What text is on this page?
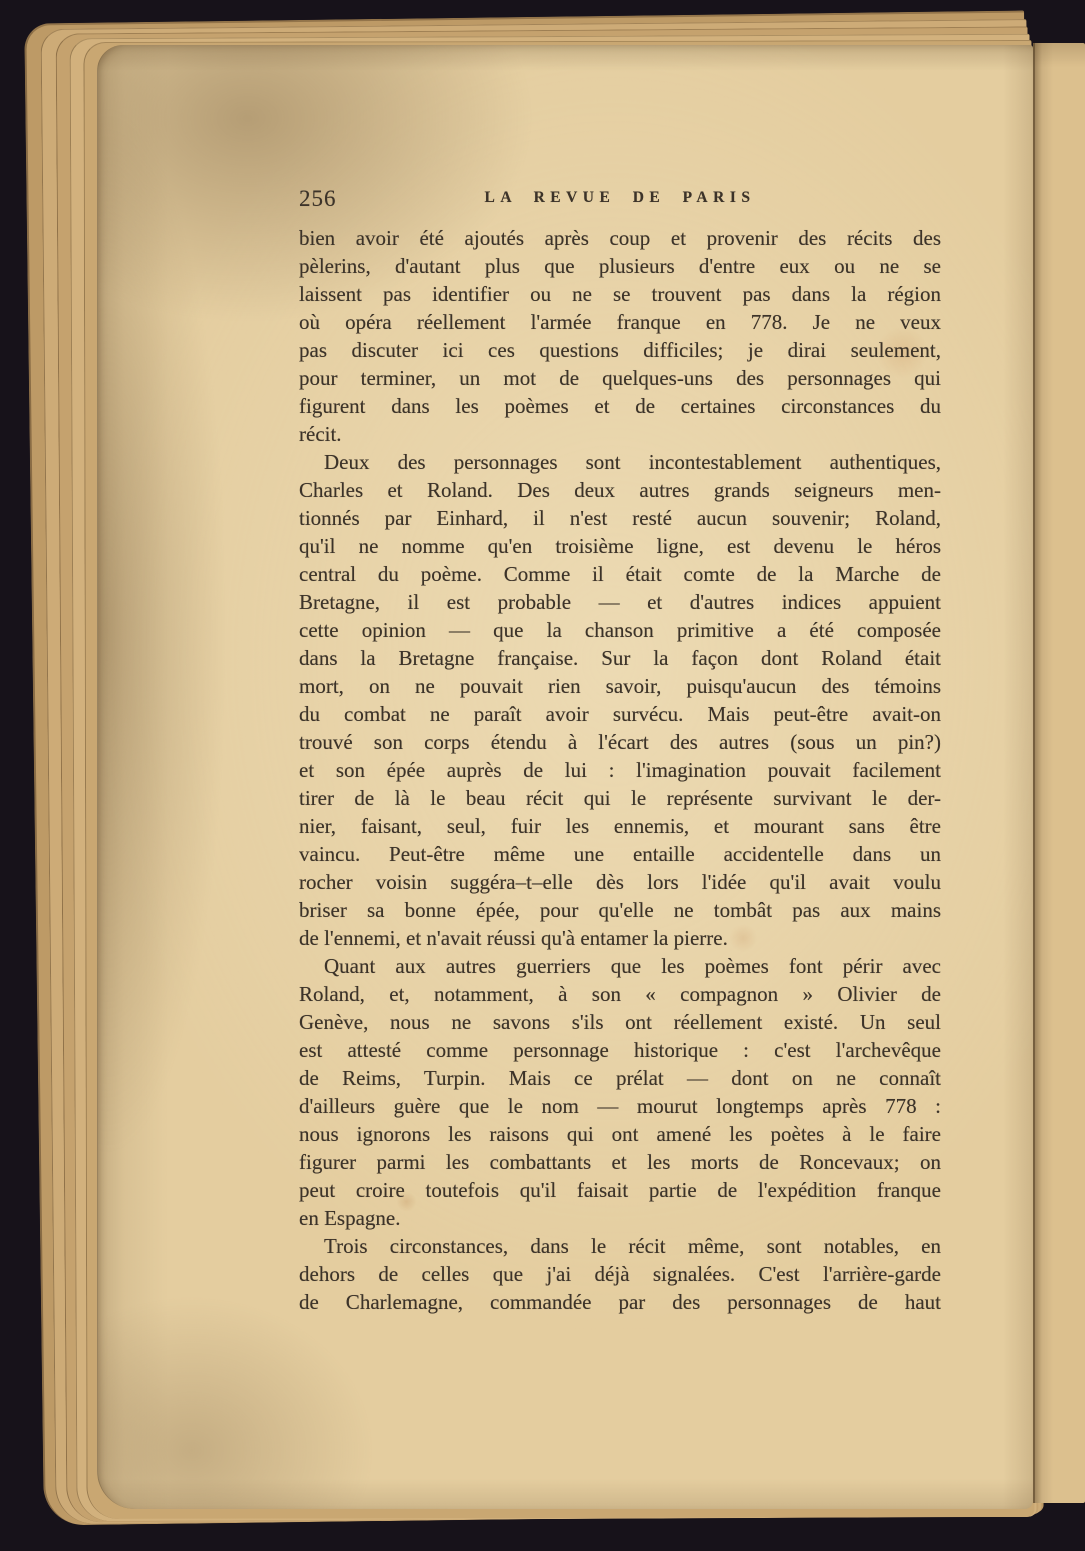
256	LA REVUE DE PARIS
bien avoir été ajoutés après coup et provenir des récits des
pèlerins, d'autant plus que plusieurs d'entre eux ou ne se
laissent pas identifier ou ne se trouvent pas dans la région
où opéra réellement l'armée franque en 778. Je ne veux
pas discuter ici ces questions difficiles; je dirai seulement,
pour terminer, un mot de quelques-uns des personnages qui
figurent dans les poèmes et de certaines circonstances du
récit.
Deux des personnages sont incontestablement authentiques,
Charles et Roland. Des deux autres grands seigneurs men-
tionnés par Einhard, il n'est resté aucun souvenir; Roland,
qu'il ne nomme qu'en troisième ligne, est devenu le héros
central du poème. Comme il était comte de la Marche de
Bretagne, il est probable — et d'autres indices appuient
cette opinion — que la chanson primitive a été composée
dans la Bretagne française. Sur la façon dont Roland était
mort, on ne pouvait rien savoir, puisqu'aucun des témoins
du combat ne paraît avoir survécu. Mais peut-être avait-on
trouvé son corps étendu à l'écart des autres (sous un pin?)
et son épée auprès de lui : l'imagination pouvait facilement
tirer de là le beau récit qui le représente survivant le der-
nier, faisant, seul, fuir les ennemis, et mourant sans être
vaincu. Peut-être même une entaille accidentelle dans un
rocher voisin suggéra–t–elle dès lors l'idée qu'il avait voulu
briser sa bonne épée, pour qu'elle ne tombât pas aux mains
de l'ennemi, et n'avait réussi qu'à entamer la pierre.
Quant aux autres guerriers que les poèmes font périr avec
Roland, et, notamment, à son « compagnon » Olivier de
Genève, nous ne savons s'ils ont réellement existé. Un seul
est attesté comme personnage historique : c'est l'archevêque
de Reims, Turpin. Mais ce prélat — dont on ne connaît
d'ailleurs guère que le nom — mourut longtemps après 778 :
nous ignorons les raisons qui ont amené les poètes à le faire
figurer parmi les combattants et les morts de Roncevaux; on
peut croire toutefois qu'il faisait partie de l'expédition franque
en Espagne.
Trois circonstances, dans le récit même, sont notables, en
dehors de celles que j'ai déjà signalées. C'est l'arrière-garde
de Charlemagne, commandée par des personnages de haut
